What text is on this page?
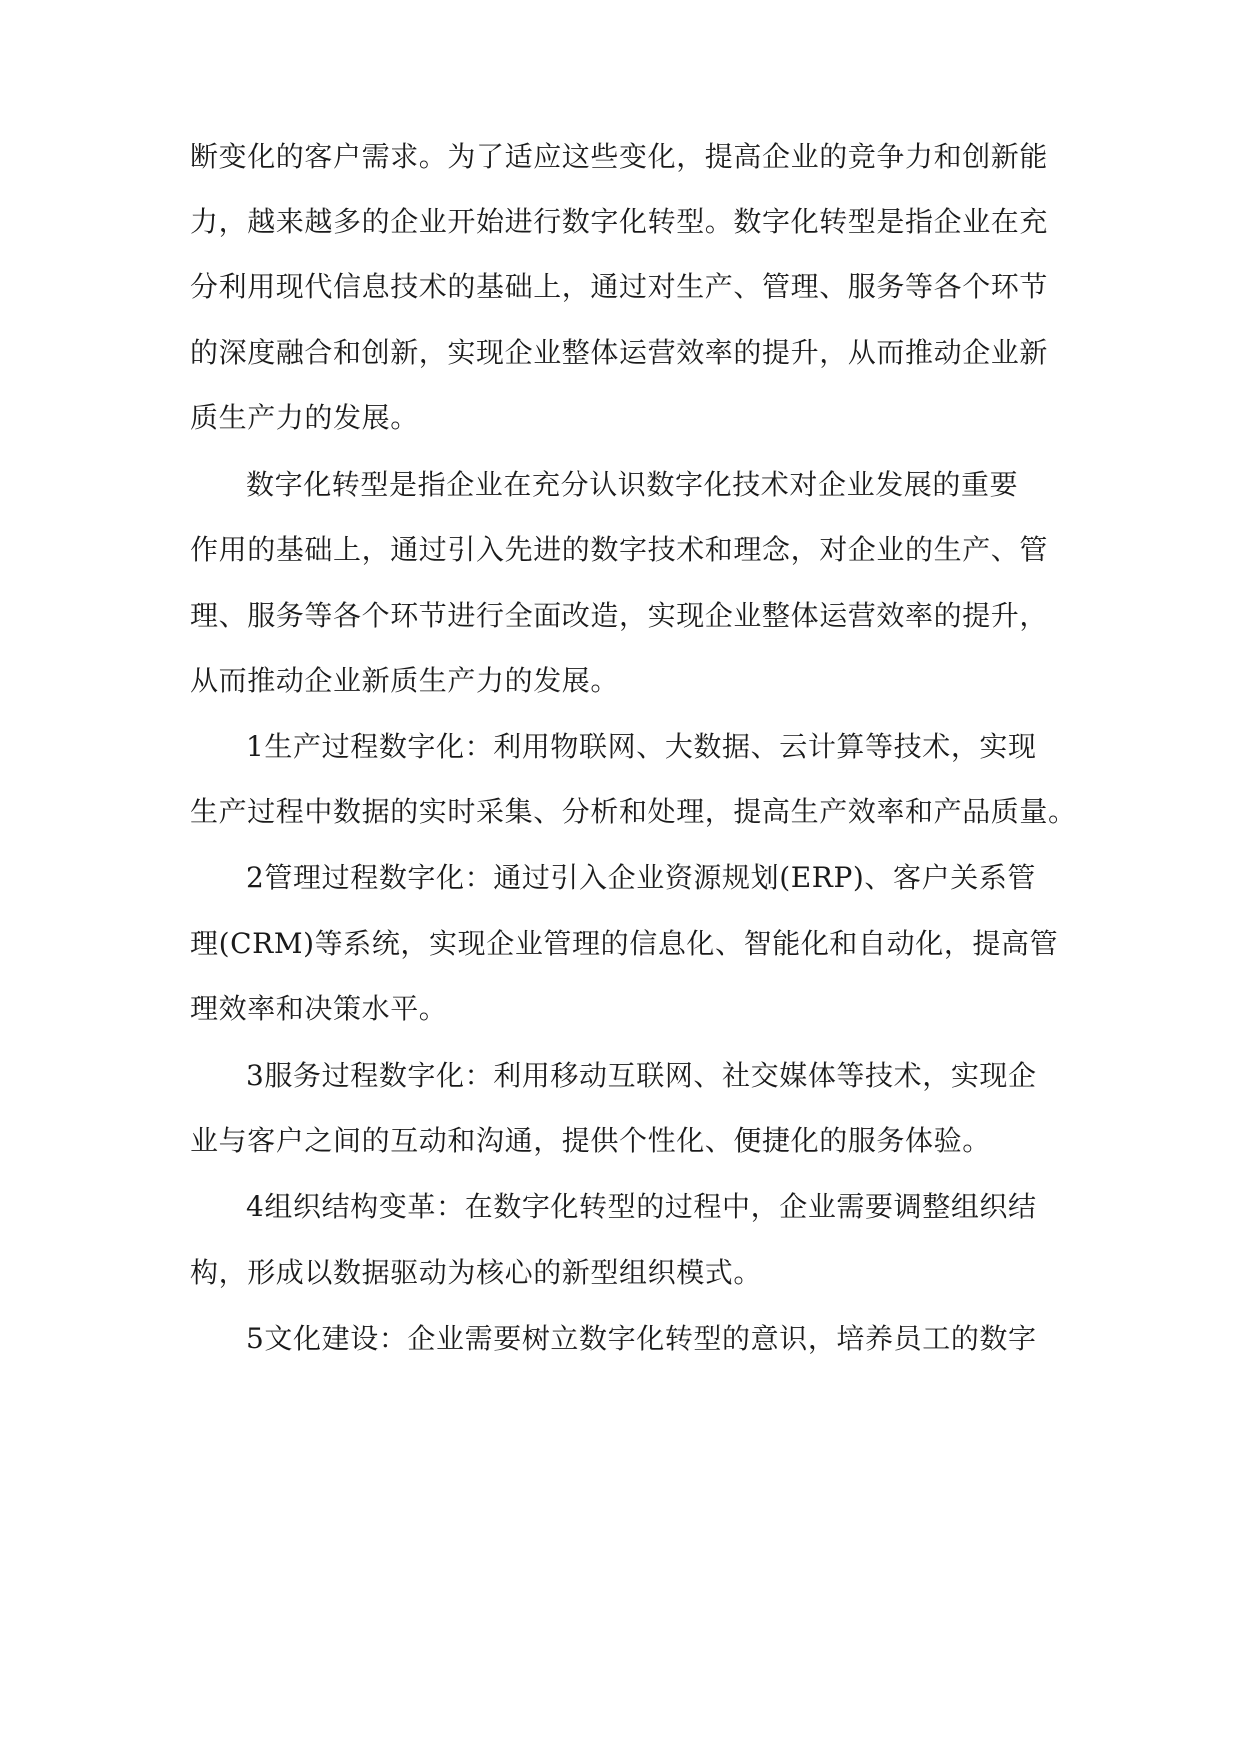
断变化的客户需求。为了适应这些变化，提高企业的竞争力和创新能
力，越来越多的企业开始进行数字化转型。数字化转型是指企业在充
分利用现代信息技术的基础上，通过对生产、管理、服务等各个环节
的深度融合和创新，实现企业整体运营效率的提升，从而推动企业新
质生产力的发展。
数字化转型是指企业在充分认识数字化技术对企业发展的重要
作用的基础上，通过引入先进的数字技术和理念，对企业的生产、管
理、服务等各个环节进行全面改造，实现企业整体运营效率的提升，
从而推动企业新质生产力的发展。
1生产过程数字化：利用物联网、大数据、云计算等技术，实现
生产过程中数据的实时采集、分析和处理，提高生产效率和产品质量。
2管理过程数字化：通过引入企业资源规划(ERP)、客户关系管
理(CRM)等系统，实现企业管理的信息化、智能化和自动化，提高管
理效率和决策水平。
3服务过程数字化：利用移动互联网、社交媒体等技术，实现企
业与客户之间的互动和沟通，提供个性化、便捷化的服务体验。
4组织结构变革：在数字化转型的过程中，企业需要调整组织结
构，形成以数据驱动为核心的新型组织模式。
5文化建设：企业需要树立数字化转型的意识，培养员工的数字
